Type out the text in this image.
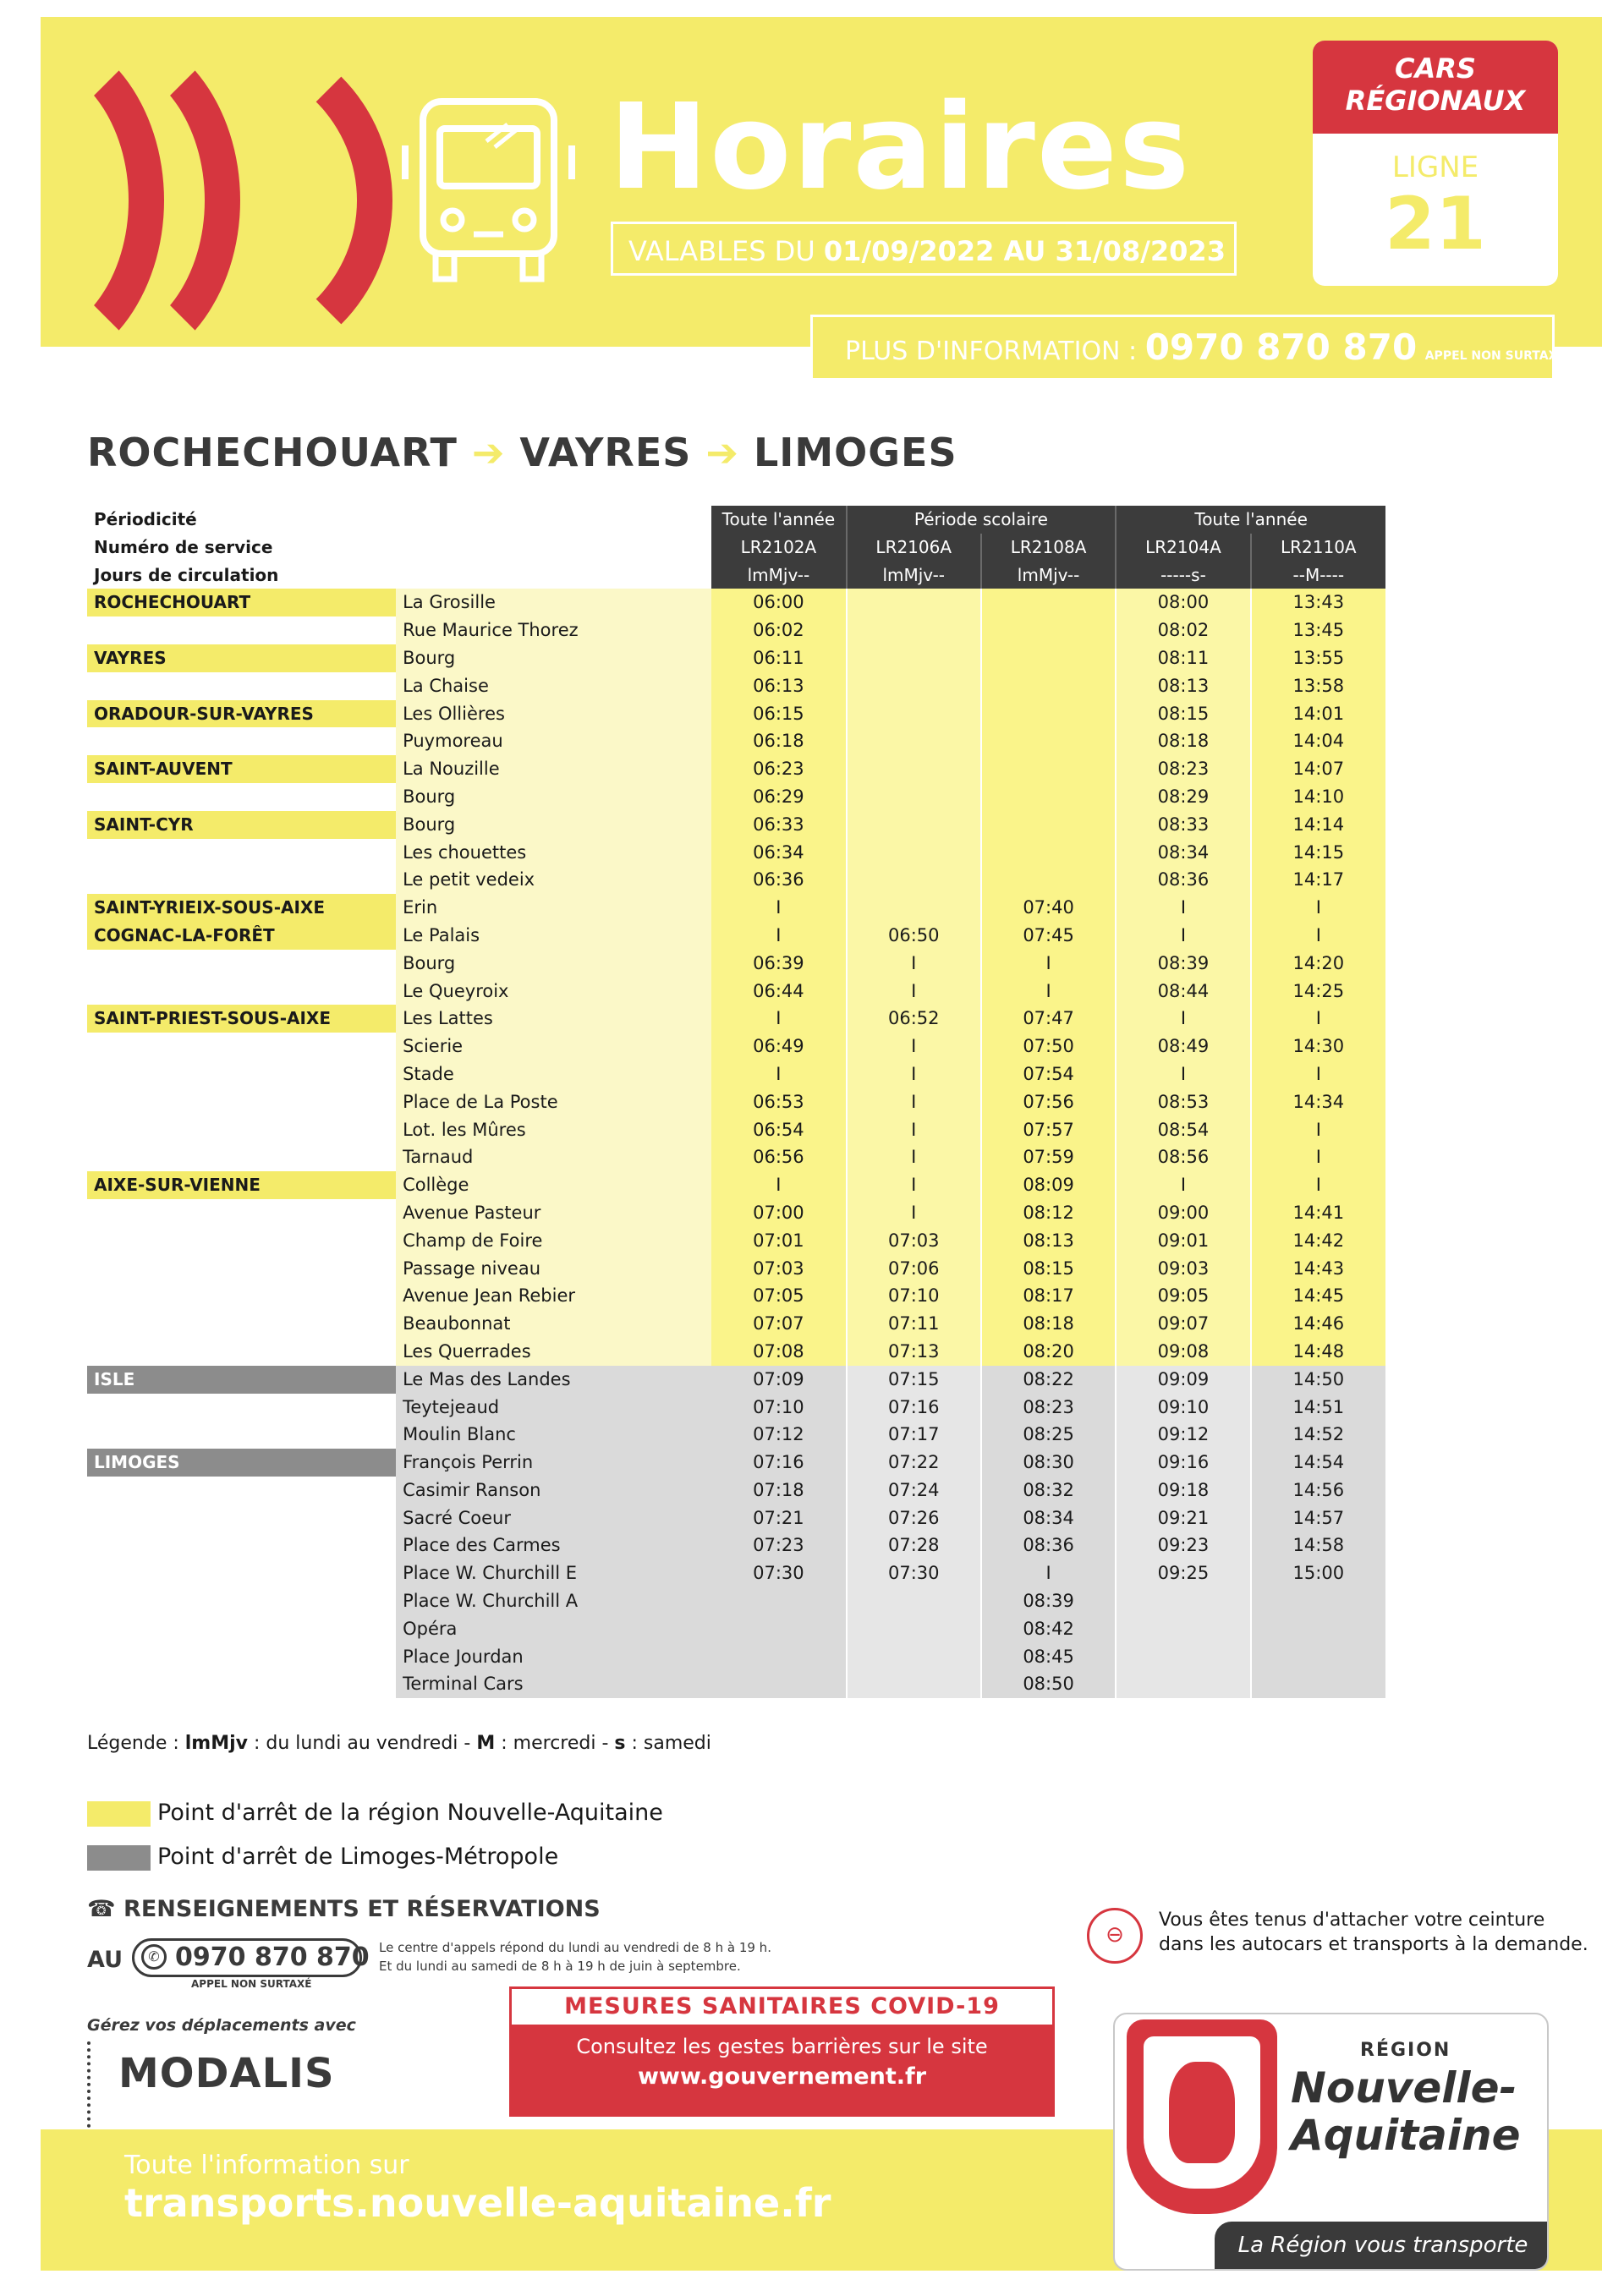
Horaires
VALABLES DU 01/09/2022 AU 31/08/2023
CARS RÉGIONAUX
LIGNE
21
PLUS D'INFORMATION : 0970 870 870 APPEL NON SURTAXÉ
ROCHECHOUART ➔ VAYRES ➔ LIMOGES
Périodicité		Toute l'année	Période scolaire		Toute l'année	
Numéro de service		LR2102A	LR2106A	LR2108A	LR2104A	LR2110A
Jours de circulation		lmMjv--	lmMjv--	lmMjv--	-----s-	--M----
ROCHECHOUART	La Grosille	06:00			08:00	13:43
	Rue Maurice Thorez	06:02			08:02	13:45
VAYRES	Bourg	06:11			08:11	13:55
	La Chaise	06:13			08:13	13:58
ORADOUR-SUR-VAYRES	Les Ollières	06:15			08:15	14:01
	Puymoreau	06:18			08:18	14:04
SAINT-AUVENT	La Nouzille	06:23			08:23	14:07
	Bourg	06:29			08:29	14:10
SAINT-CYR	Bourg	06:33			08:33	14:14
	Les chouettes	06:34			08:34	14:15
	Le petit vedeix	06:36			08:36	14:17
SAINT-YRIEIX-SOUS-AIXE	Erin	I		07:40	I	I
COGNAC-LA-FORÊT	Le Palais	I	06:50	07:45	I	I
	Bourg	06:39	I	I	08:39	14:20
	Le Queyroix	06:44	I	I	08:44	14:25
SAINT-PRIEST-SOUS-AIXE	Les Lattes	I	06:52	07:47	I	I
	Scierie	06:49	I	07:50	08:49	14:30
	Stade	I	I	07:54	I	I
	Place de La Poste	06:53	I	07:56	08:53	14:34
	Lot. les Mûres	06:54	I	07:57	08:54	I
	Tarnaud	06:56	I	07:59	08:56	I
AIXE-SUR-VIENNE	Collège	I	I	08:09	I	I
	Avenue Pasteur	07:00	I	08:12	09:00	14:41
	Champ de Foire	07:01	07:03	08:13	09:01	14:42
	Passage niveau	07:03	07:06	08:15	09:03	14:43
	Avenue Jean Rebier	07:05	07:10	08:17	09:05	14:45
	Beaubonnat	07:07	07:11	08:18	09:07	14:46
	Les Querrades	07:08	07:13	08:20	09:08	14:48
ISLE	Le Mas des Landes	07:09	07:15	08:22	09:09	14:50
	Teytejeaud	07:10	07:16	08:23	09:10	14:51
	Moulin Blanc	07:12	07:17	08:25	09:12	14:52
LIMOGES	François Perrin	07:16	07:22	08:30	09:16	14:54
	Casimir Ranson	07:18	07:24	08:32	09:18	14:56
	Sacré Coeur	07:21	07:26	08:34	09:21	14:57
	Place des Carmes	07:23	07:28	08:36	09:23	14:58
	Place W. Churchill E	07:30	07:30	I	09:25	15:00
	Place W. Churchill A			08:39		
	Opéra			08:42		
	Place Jourdan			08:45		
	Terminal Cars			08:50		
Légende : lmMjv : du lundi au vendredi - M : mercredi - s : samedi
Point d'arrêt de la région Nouvelle-Aquitaine
Point d'arrêt de Limoges-Métropole
☎ RENSEIGNEMENTS ET RÉSERVATIONS
AU	✆ 0970 870 870
APPEL NON SURTAXÉ
Le centre d'appels répond du lundi au vendredi de 8 h à 19 h.
Et du lundi au samedi de 8 h à 19 h de juin à septembre.
Gérez vos déplacements avec
MODALIS
MESURES SANITAIRES COVID-19
Consultez les gestes barrières sur le site
www.gouvernement.fr
⊖
Vous êtes tenus d'attacher votre ceinture
dans les autocars et transports à la demande.
Toute l'information sur
transports.nouvelle-aquitaine.fr
RÉGION
Nouvelle-
Aquitaine
La Région vous transporte
